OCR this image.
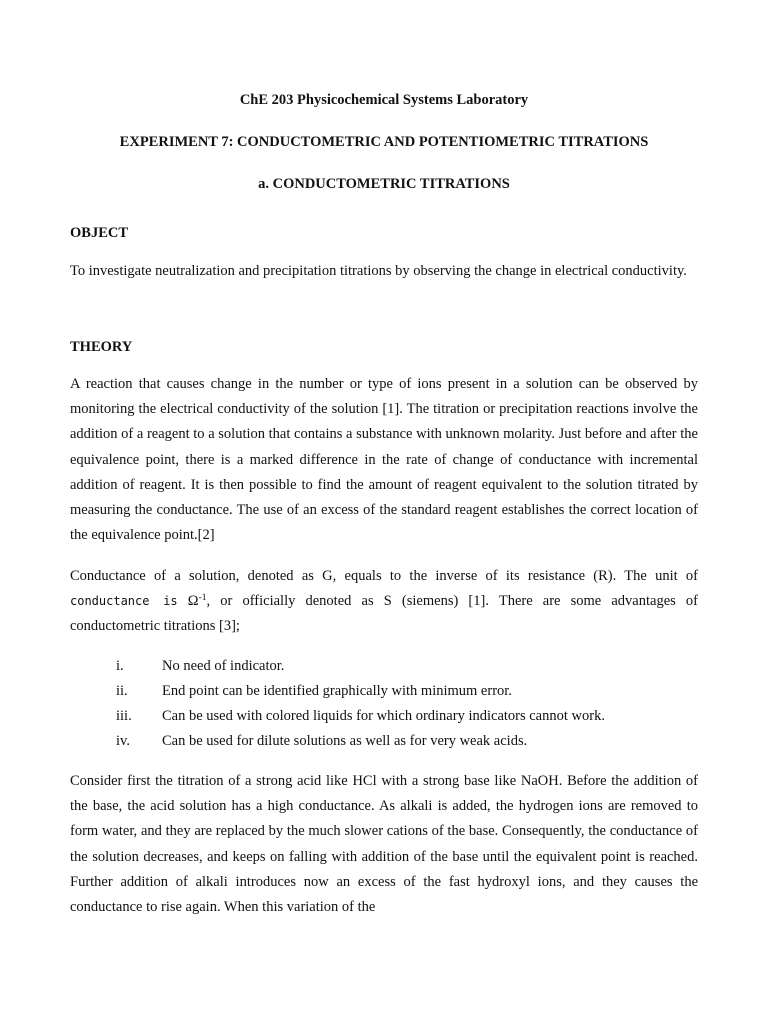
ChE 203 Physicochemical Systems Laboratory
EXPERIMENT 7: CONDUCTOMETRIC AND POTENTIOMETRIC TITRATIONS
a. CONDUCTOMETRIC TITRATIONS
OBJECT
To investigate neutralization and precipitation titrations by observing the change in electrical conductivity.
THEORY
A reaction that causes change in the number or type of ions present in a solution can be observed by monitoring the electrical conductivity of the solution [1]. The titration or precipitation reactions involve the addition of a reagent to a solution that contains a substance with unknown molarity. Just before and after the equivalence point, there is a marked difference in the rate of change of conductance with incremental addition of reagent. It is then possible to find the amount of reagent equivalent to the solution titrated by measuring the conductance. The use of an excess of the standard reagent establishes the correct location of the equivalence point.[2]
Conductance of a solution, denoted as G, equals to the inverse of its resistance (R). The unit of conductance is $\Omega^{-1}$, or officially denoted as S (siemens) [1]. There are some advantages of conductometric titrations [3];
i.	No need of indicator.
ii. End point can be identified graphically with minimum error.
iii. Can be used with colored liquids for which ordinary indicators cannot work.
iv. Can be used for dilute solutions as well as for very weak acids.
Consider first the titration of a strong acid like HCl with a strong base like NaOH. Before the addition of the base, the acid solution has a high conductance. As alkali is added, the hydrogen ions are removed to form water, and they are replaced by the much slower cations of the base. Consequently, the conductance of the solution decreases, and keeps on falling with addition of the base until the equivalent point is reached. Further addition of alkali introduces now an excess of the fast hydroxyl ions, and they causes the conductance to rise again. When this variation of the
